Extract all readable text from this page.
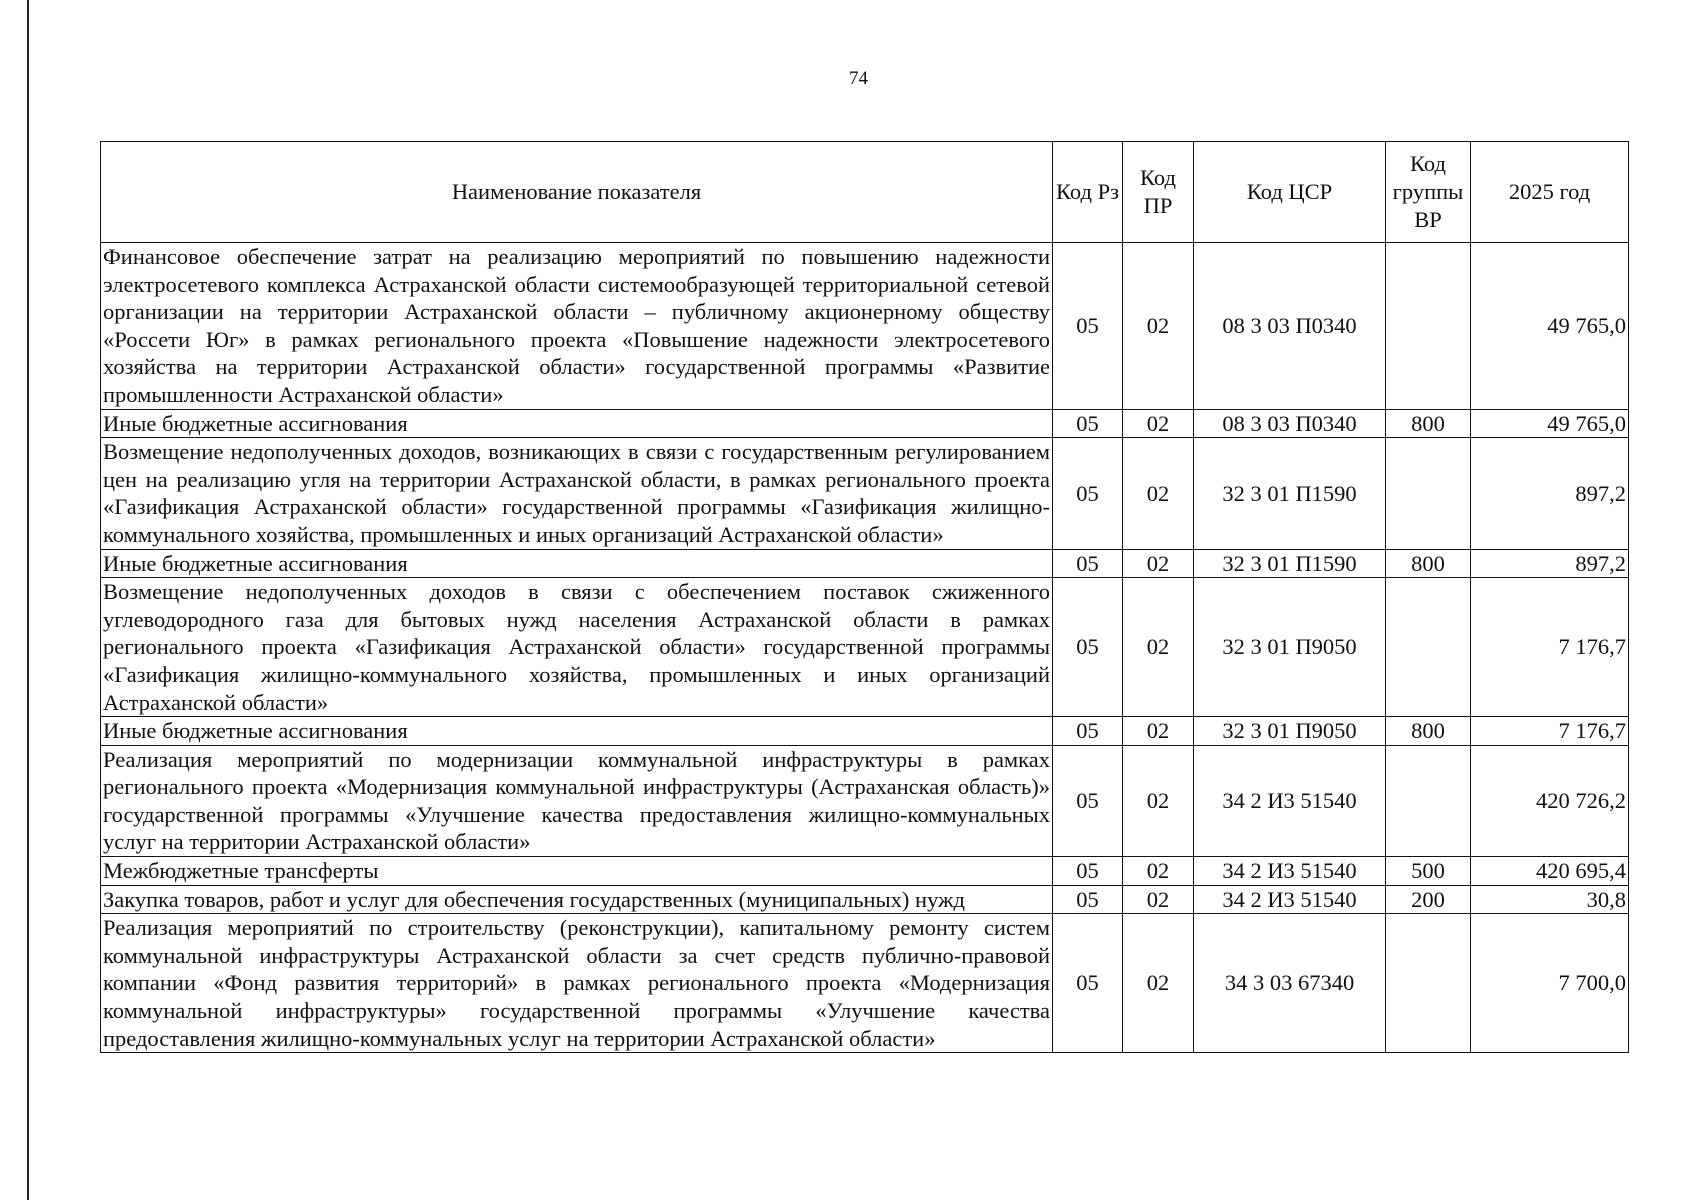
74
Наименование показателя	Код Рз	Код ПР	Код ЦСР	Код группы ВР	2025 год
Финансовое обеспечение затрат на реализацию мероприятий по повышению надежности электросетевого комплекса Астраханской области системообразующей территориальной сетевой организации на территории Астраханской области – публичному акционерному обществу «Россети Юг» в рамках регионального проекта «Повышение надежности электросетевого хозяйства на территории Астраханской области» государственной программы «Развитие промышленности Астраханской области»	05	02	08 3 03 П0340		49 765,0
Иные бюджетные ассигнования	05	02	08 3 03 П0340	800	49 765,0
Возмещение недополученных доходов, возникающих в связи с государственным регулированием цен на реализацию угля на территории Астраханской области, в рамках регионального проекта «Газификация Астраханской области» государственной программы «Газификация жилищно-коммунального хозяйства, промышленных и иных организаций Астраханской области»	05	02	32 3 01 П1590		897,2
Иные бюджетные ассигнования	05	02	32 3 01 П1590	800	897,2
Возмещение недополученных доходов в связи с обеспечением поставок сжиженного углеводородного газа для бытовых нужд населения Астраханской области в рамках регионального проекта «Газификация Астраханской области» государственной программы «Газификация жилищно-коммунального хозяйства, промышленных и иных организаций Астраханской области»	05	02	32 3 01 П9050		7 176,7
Иные бюджетные ассигнования	05	02	32 3 01 П9050	800	7 176,7
Реализация мероприятий по модернизации коммунальной инфраструктуры в рамках регионального проекта «Модернизация коммунальной инфраструктуры (Астраханская область)» государственной программы «Улучшение качества предоставления жилищно-коммунальных услуг на территории Астраханской области»	05	02	34 2 И3 51540		420 726,2
Межбюджетные трансферты	05	02	34 2 И3 51540	500	420 695,4
Закупка товаров, работ и услуг для обеспечения государственных (муниципальных) нужд	05	02	34 2 И3 51540	200	30,8
Реализация мероприятий по строительству (реконструкции), капитальному ремонту систем коммунальной инфраструктуры Астраханской области за счет средств публично-правовой компании «Фонд развития территорий» в рамках регионального проекта «Модернизация коммунальной инфраструктуры» государственной программы «Улучшение качества предоставления жилищно-коммунальных услуг на территории Астраханской области»	05	02	34 3 03 67340		7 700,0
